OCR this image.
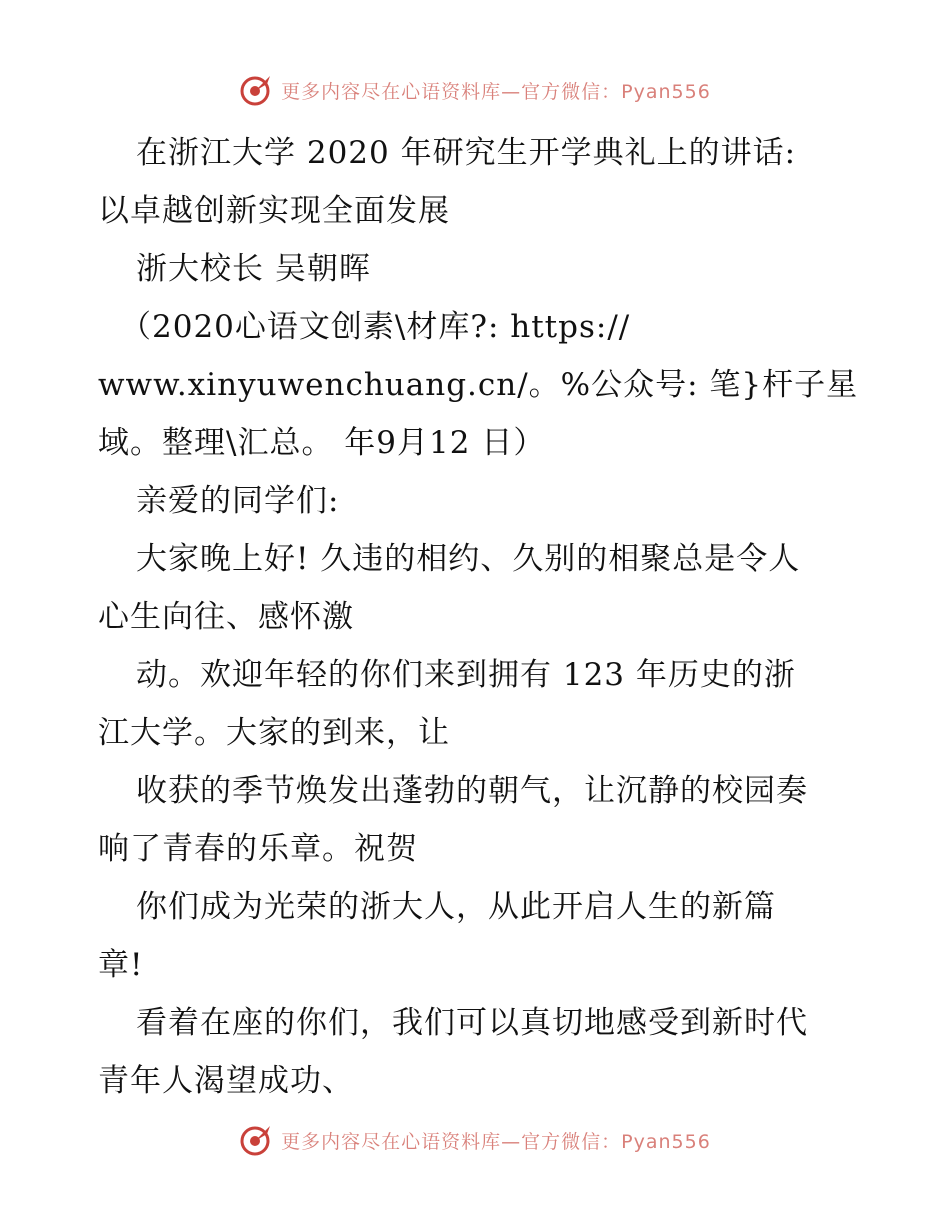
更多内容尽在心语资料库—官方微信：Pyan556
在浙江大学 2020 年研究生开学典礼上的讲话:
以卓越创新实现全面发展
浙大校长 吴朝晖
（2020心语文创素\材库?: https://
www.xinyuwenchuang.cn/。%公众号: 笔}杆子星
域。整理\汇总。 年9月12 日）
亲爱的同学们:
大家晚上好! 久违的相约、久别的相聚总是令人
心生向往、感怀激
动。欢迎年轻的你们来到拥有 123 年历史的浙
江大学。大家的到来，让
收获的季节焕发出蓬勃的朝气，让沉静的校园奏
响了青春的乐章。祝贺
你们成为光荣的浙大人，从此开启人生的新篇
章!
看着在座的你们，我们可以真切地感受到新时代
青年人渴望成功、
更多内容尽在心语资料库—官方微信：Pyan556
